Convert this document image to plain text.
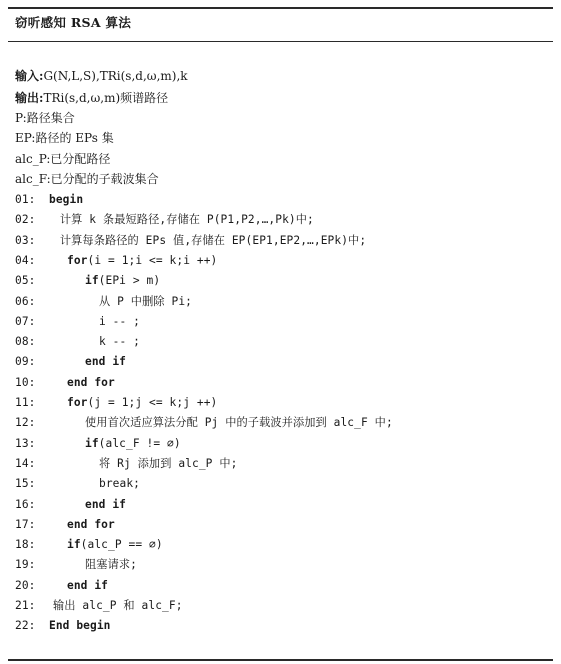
窃听感知 RSA 算法
输入:G(N,L,S),TRi(s,d,ω,m),k
输出:TRi(s,d,ω,m)频谱路径
P:路径集合
EP:路径的 EPs 集
alc_P:已分配路径
alc_F:已分配的子载波集合
01: begin
02: 计算 k 条最短路径,存储在 P(P1,P2,…,Pk)中;
03: 计算每条路径的 EPs 值,存储在 EP(EP1,EP2,…,EPk)中;
04:	for(i = 1;i <= k;i ++)
05:	if(EPi > m)
06:	从 P 中删除 Pi;
07:	i -- ;
08:	k -- ;
09:	end if
10:	end for
11:	for(j = 1;j <= k;j ++)
12:	使用首次适应算法分配 Pj 中的子载波并添加到 alc_F 中;
13:	if(alc_F != ∅)
14:	将 Rj 添加到 alc_P 中;
15:	break;
16:	end if
17:	end for
18:	if(alc_P == ∅)
19:	阻塞请求;
20:	end if
21: 输出 alc_P 和 alc_F;
22: End begin
